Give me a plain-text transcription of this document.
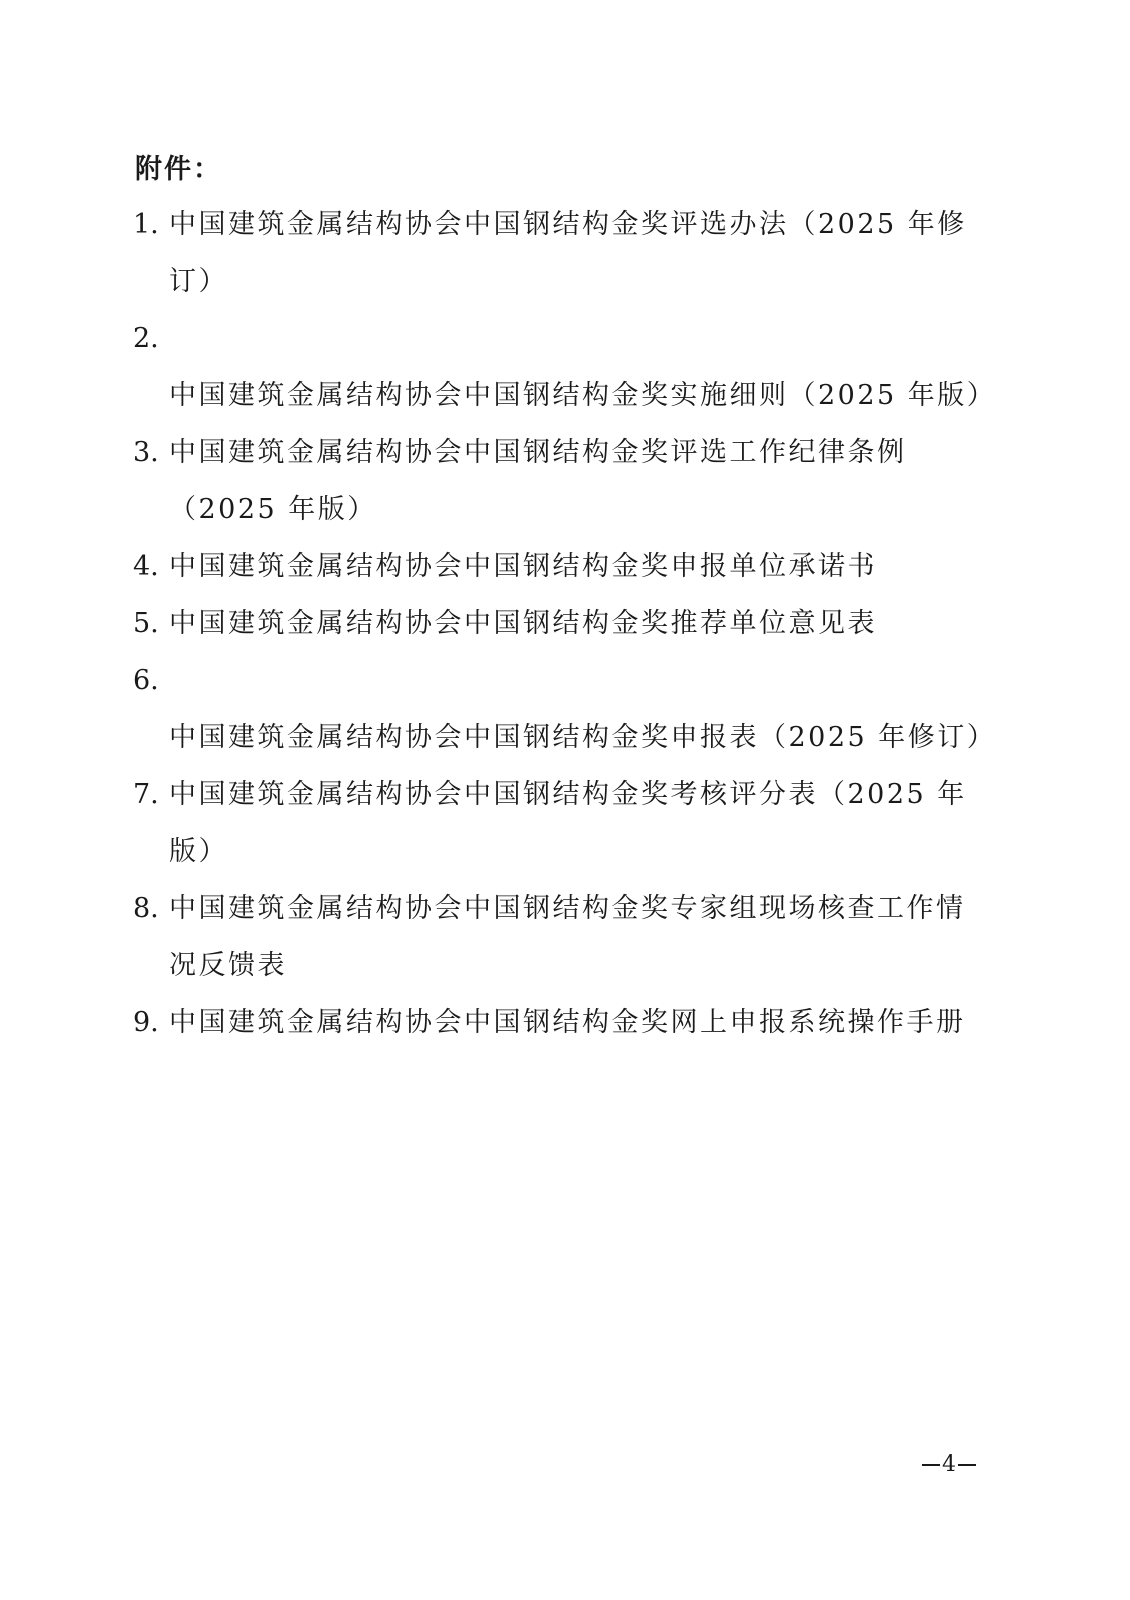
附件：
1. 中国建筑金属结构协会中国钢结构金奖评选办法（2025 年修订）
2.中国建筑金属结构协会中国钢结构金奖实施细则（2025 年版）
3. 中国建筑金属结构协会中国钢结构金奖评选工作纪律条例（2025 年版）
4. 中国建筑金属结构协会中国钢结构金奖申报单位承诺书
5. 中国建筑金属结构协会中国钢结构金奖推荐单位意见表
6.中国建筑金属结构协会中国钢结构金奖申报表（2025 年修订）
7. 中国建筑金属结构协会中国钢结构金奖考核评分表（2025 年版）
8. 中国建筑金属结构协会中国钢结构金奖专家组现场核查工作情况反馈表
9. 中国建筑金属结构协会中国钢结构金奖网上申报系统操作手册
4
